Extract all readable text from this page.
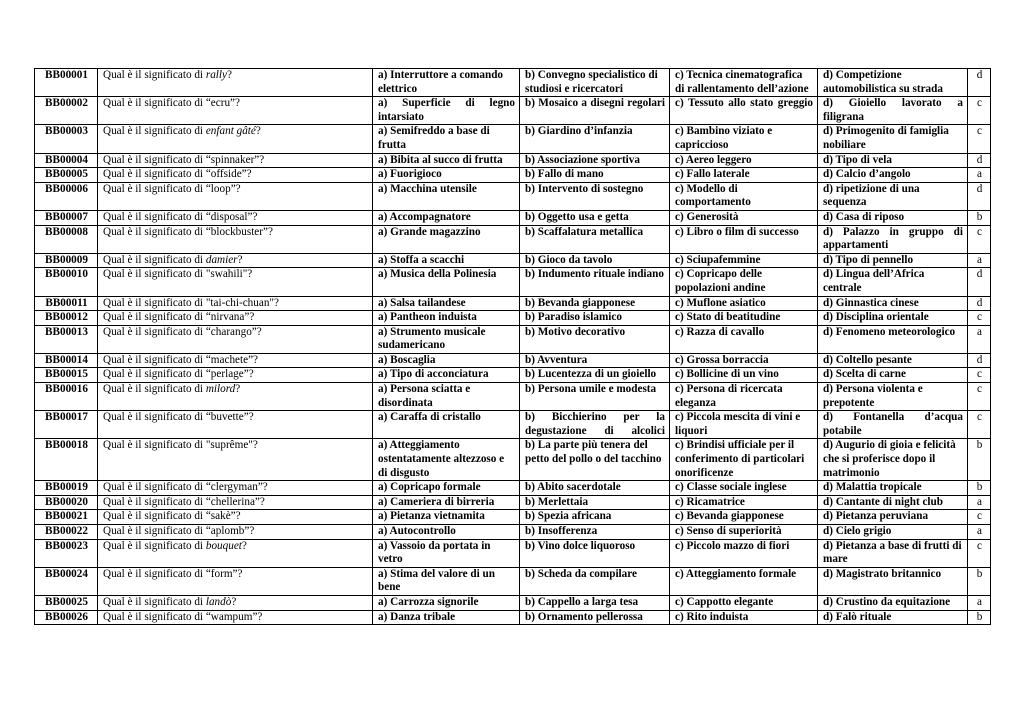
BB00001	Qual è il significato di rally?	a) Interruttore a comando elettrico	b) Convegno specialistico di studiosi e ricercatori	c) Tecnica cinematografica di rallentamento dell’azione	d) Competizione automobilistica su strada	d
BB00002	Qual è il significato di “ecru”?	a) Superficie di legno intarsiato	b) Mosaico a disegni regolari	c) Tessuto allo stato greggio	d) Gioiello lavorato a filigrana	c
BB00003	Qual è il significato di enfant gâté?	a) Semifreddo a base di frutta	b) Giardino d’infanzia	c) Bambino viziato e capriccioso	d) Primogenito di famiglia nobiliare	c
BB00004	Qual è il significato di “spinnaker”?	a) Bibita al succo di frutta	b) Associazione sportiva	c) Aereo leggero	d) Tipo di vela	d
BB00005	Qual è il significato di “offside”?	a) Fuorigioco	b) Fallo di mano	c) Fallo laterale	d) Calcio d’angolo	a
BB00006	Qual è il significato di “loop”?	a) Macchina utensile	b) Intervento di sostegno	c) Modello di comportamento	d) ripetizione di una sequenza	d
BB00007	Qual è il significato di “disposal”?	a) Accompagnatore	b) Oggetto usa e getta	c) Generosità	d) Casa di riposo	b
BB00008	Qual è il significato di “blockbuster”?	a) Grande magazzino	b) Scaffalatura metallica	c) Libro o film di successo	d) Palazzo in gruppo di appartamenti	c
BB00009	Qual è il significato di damier?	a) Stoffa a scacchi	b) Gioco da tavolo	c) Sciupafemmine	d) Tipo di pennello	a
BB00010	Qual è il significato di "swahili"?	a) Musica della Polinesia	b) Indumento rituale indiano	c) Copricapo delle popolazioni andine	d) Lingua dell’Africa centrale	d
BB00011	Qual è il significato di "tai-chi-chuan"?	a) Salsa tailandese	b) Bevanda giapponese	c) Muflone asiatico	d) Ginnastica cinese	d
BB00012	Qual è il significato di “nirvana”?	a) Pantheon induista	b) Paradiso islamico	c) Stato di beatitudine	d) Disciplina orientale	c
BB00013	Qual è il significato di “charango”?	a) Strumento musicale sudamericano	b) Motivo decorativo	c) Razza di cavallo	d) Fenomeno meteorologico	a
BB00014	Qual è il significato di “machete”?	a) Boscaglia	b) Avventura	c) Grossa borraccia	d) Coltello pesante	d
BB00015	Qual è il significato di “perlage”?	a) Tipo di acconciatura	b) Lucentezza di un gioiello	c) Bollicine di un vino	d) Scelta di carne	c
BB00016	Qual è il significato di milord?	a) Persona sciatta e disordinata	b) Persona umile e modesta	c) Persona di ricercata eleganza	d) Persona violenta e prepotente	c
BB00017	Qual è il significato di “buvette”?	a) Caraffa di cristallo	b) Bicchierino per la degustazione di alcolici	c) Piccola mescita di vini e liquori	d) Fontanella d’acqua potabile	c
BB00018	Qual è il significato di "suprême"?	a) Atteggiamento ostentatamente altezzoso e di disgusto	b) La parte più tenera del petto del pollo o del tacchino	c) Brindisi ufficiale per il conferimento di particolari onorificenze	d) Augurio di gioia e felicità che si proferisce dopo il matrimonio	b
BB00019	Qual è il significato di “clergyman”?	a) Copricapo formale	b) Abito sacerdotale	c) Classe sociale inglese	d) Malattia tropicale	b
BB00020	Qual è il significato di “chellerina”?	a) Cameriera di birreria	b) Merlettaia	c) Ricamatrice	d) Cantante di night club	a
BB00021	Qual è il significato di “sakè”?	a) Pietanza vietnamita	b) Spezia africana	c) Bevanda giapponese	d) Pietanza peruviana	c
BB00022	Qual è il significato di “aplomb”?	a) Autocontrollo	b) Insofferenza	c) Senso di superiorità	d) Cielo grigio	a
BB00023	Qual è il significato di bouquet?	a) Vassoio da portata in vetro	b) Vino dolce liquoroso	c) Piccolo mazzo di fiori	d) Pietanza a base di frutti di mare	c
BB00024	Qual è il significato di “form”?	a) Stima del valore di un bene	b) Scheda da compilare	c) Atteggiamento formale	d) Magistrato britannico	b
BB00025	Qual è il significato di landò?	a) Carrozza signorile	b) Cappello a larga tesa	c) Cappotto elegante	d) Crustino da equitazione	a
BB00026	Qual è il significato di “wampum”?	a) Danza tribale	b) Ornamento pellerossa	c) Rito induista	d) Falò rituale	b
